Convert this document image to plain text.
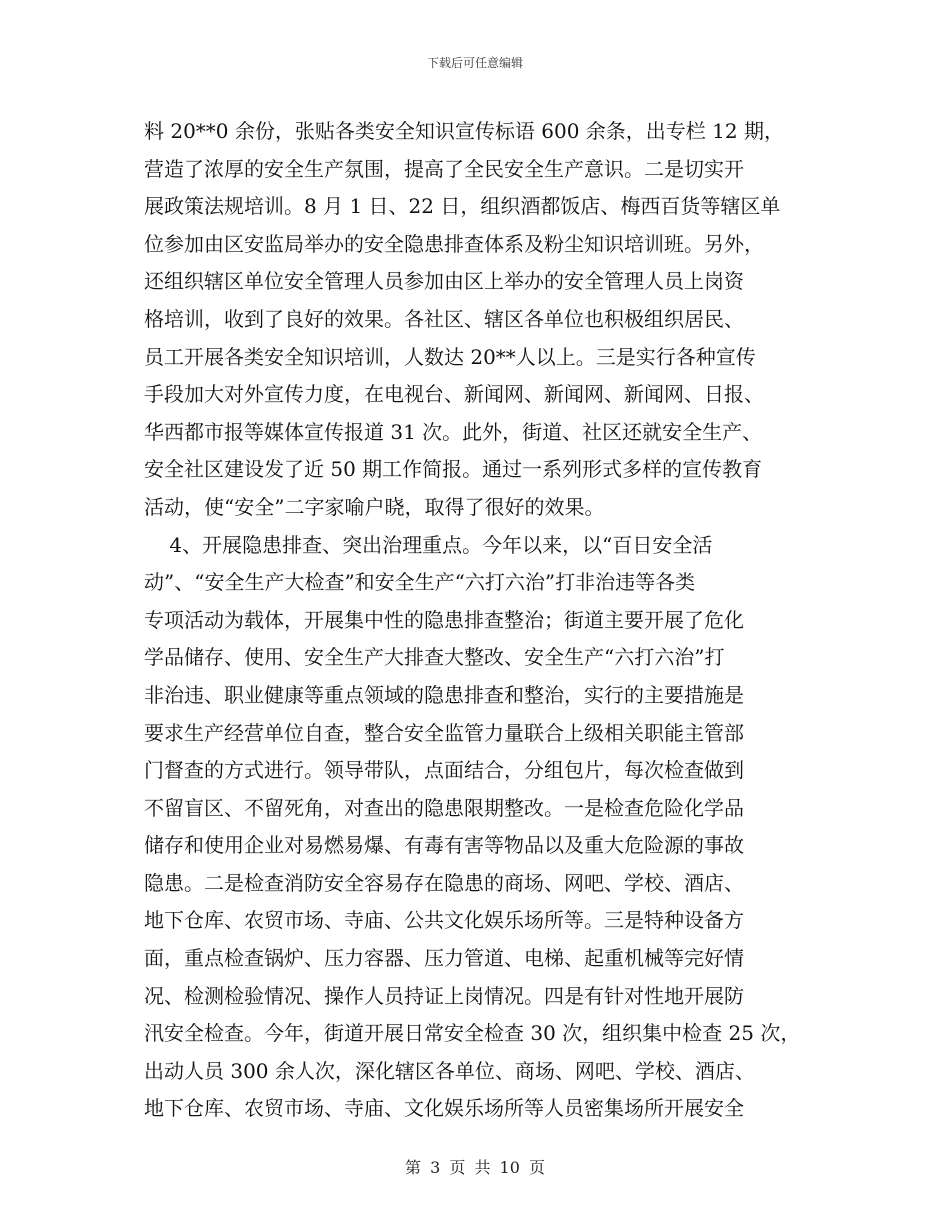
下载后可任意编辑
料 20**0 余份，张贴各类安全知识宣传标语 600 余条，出专栏 12 期，
营造了浓厚的安全生产氛围，提高了全民安全生产意识。二是切实开
展政策法规培训。8 月 1 日、22 日，组织酒都饭店、梅西百货等辖区单
位参加由区安监局举办的安全隐患排查体系及粉尘知识培训班。另外，
还组织辖区单位安全管理人员参加由区上举办的安全管理人员上岗资
格培训，收到了良好的效果。各社区、辖区各单位也积极组织居民、
员工开展各类安全知识培训，人数达 20**人以上。三是实行各种宣传
手段加大对外宣传力度，在电视台、新闻网、新闻网、新闻网、日报、
华西都市报等媒体宣传报道 31 次。此外，街道、社区还就安全生产、
安全社区建设发了近 50 期工作简报。通过一系列形式多样的宣传教育
活动，使“安全”二字家喻户晓，取得了很好的效果。
4、开展隐患排查、突出治理重点。今年以来，以“百日安全活
动”、“安全生产大检查”和安全生产“六打六治”打非治违等各类
专项活动为载体，开展集中性的隐患排查整治；街道主要开展了危化
学品储存、使用、安全生产大排查大整改、安全生产“六打六治”打
非治违、职业健康等重点领域的隐患排查和整治，实行的主要措施是
要求生产经营单位自查，整合安全监管力量联合上级相关职能主管部
门督查的方式进行。领导带队，点面结合，分组包片，每次检查做到
不留盲区、不留死角，对查出的隐患限期整改。一是检查危险化学品
储存和使用企业对易燃易爆、有毒有害等物品以及重大危险源的事故
隐患。二是检查消防安全容易存在隐患的商场、网吧、学校、酒店、
地下仓库、农贸市场、寺庙、公共文化娱乐场所等。三是特种设备方
面，重点检查锅炉、压力容器、压力管道、电梯、起重机械等完好情
况、检测检验情况、操作人员持证上岗情况。四是有针对性地开展防
汛安全检查。今年，街道开展日常安全检查 30 次，组织集中检查 25 次，
出动人员 300 余人次，深化辖区各单位、商场、网吧、学校、酒店、
地下仓库、农贸市场、寺庙、文化娱乐场所等人员密集场所开展安全
第 3 页 共 10 页
